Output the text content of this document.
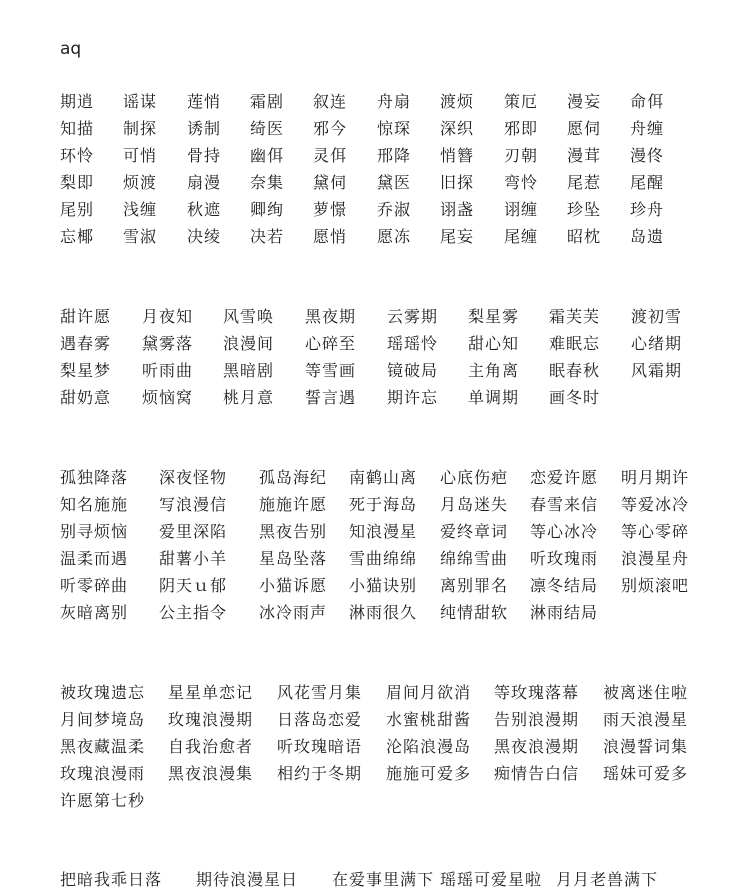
aq
期逍 谣谋 莲悄 霜剧 叙连 舟扇 渡烦 策厄 漫妄 命佴
知描 制探 诱制 绮医 邪今 惊琛 深织 邪即 愿伺 舟缠
环怜 可悄 骨持 幽佴 灵佴 邢降 悄簪 刃朝 漫茸 漫佟
梨即 烦渡 扇漫 奈集 黛伺 黛医 旧探 弯怜 尾惹 尾醒
尾别 浅缠 秋遮 卿绚 萝憬 乔淑 诩盏 诩缠 珍坠 珍舟
忘椰 雪淑 决绫 决若 愿悄 愿冻 尾妄 尾缠 昭枕 岛遗
甜许愿 月夜知 风雪唤 黑夜期 云雾期 梨星雾 霜芙芙 渡初雪
遇春雾 黛雾落 浪漫间 心碎至 瑶瑶怜 甜心知 难眠忘 心绪期
梨星梦 听雨曲 黑暗剧 等雪画 镜破局 主角离 眠春秋 风霜期
甜奶意 烦恼窝 桃月意 誓言遇 期许忘 单调期 画冬时
孤独降落 深夜怪物 孤岛海纪 南鹤山离 心底伤疤 恋爱许愿 明月期许
知名施施 写浪漫信 施施许愿 死于海岛 月岛迷失 春雪来信 等爱冰冷
别寻烦恼 爱里深陷 黑夜告别 知浪漫星 爱终章词 等心冰冷 等心零碎
温柔而遇 甜薯小羊 星岛坠落 雪曲绵绵 绵绵雪曲 听玫瑰雨 浪漫星舟
听零碎曲 阴天ｕ郁 小猫诉愿 小猫诀别 离别罪名 凛冬结局 别烦滚吧
灰暗离别 公主指令 冰冷雨声 淋雨很久 纯情甜软 淋雨结局
被玫瑰遗忘 星星单恋记 风花雪月集 眉间月欲消 等玫瑰落幕 被离迷住啦
月间梦境岛 玫瑰浪漫期 日落岛恋爱 水蜜桃甜酱 告别浪漫期 雨天浪漫星
黑夜藏温柔 自我治愈者 听玫瑰暗语 沦陷浪漫岛 黑夜浪漫期 浪漫誓词集
玫瑰浪漫雨 黑夜浪漫集 相约于冬期 施施可爱多 痴情告白信 瑶妹可爱多
许愿第七秒
把暗我乖日落 期待浪漫星日 在爱事里满下 瑶瑶可爱星啦 月月老兽满下
